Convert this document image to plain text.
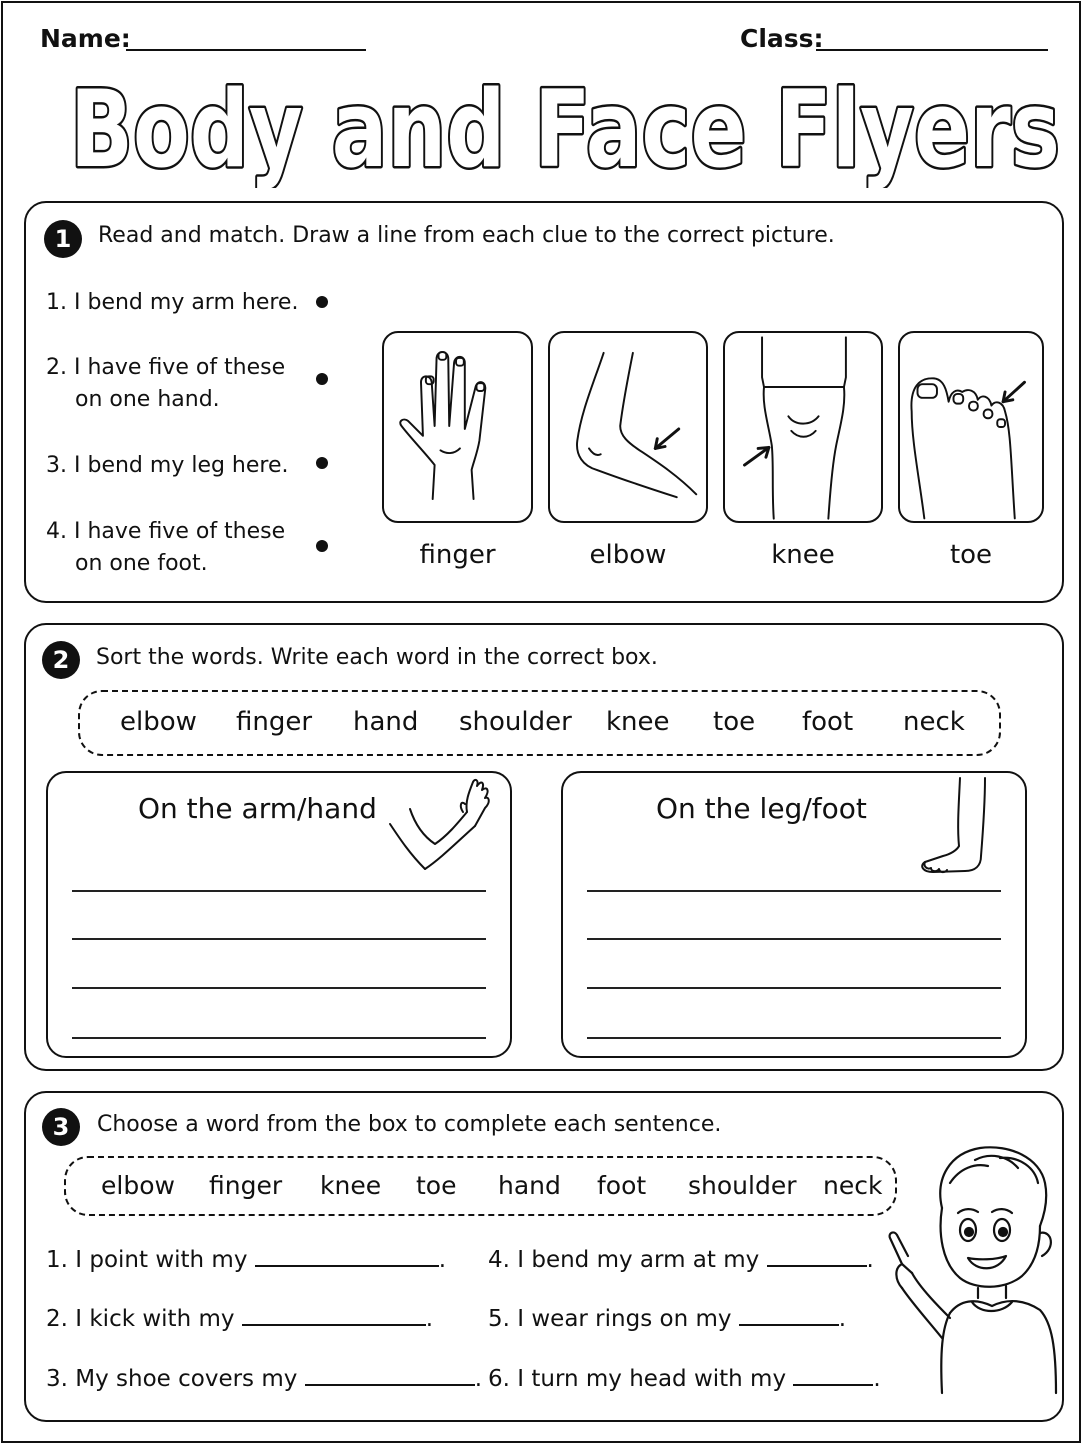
Name:	Class:
Body and Face Flyers
1	Read and match. Draw a line from each clue to the correct picture.
1. I bend my arm here.
2. I have five of these
on one hand.
3. I bend my leg here.
4. I have five of these
on one foot.	finger	elbow	knee	toe
2	Sort the words. Write each word in the correct box.
elbow finger hand shoulder knee toe foot neck
On the arm/hand	On the leg/foot
3	Choose a word from the box to complete each sentence.
elbow finger knee toe hand foot shoulder neck
1. I point with my	.
2. I kick with my	.
3. My shoe covers my	.
4. I bend my arm at my	.
5. I wear rings on my	.
6. I turn my head with my	.
